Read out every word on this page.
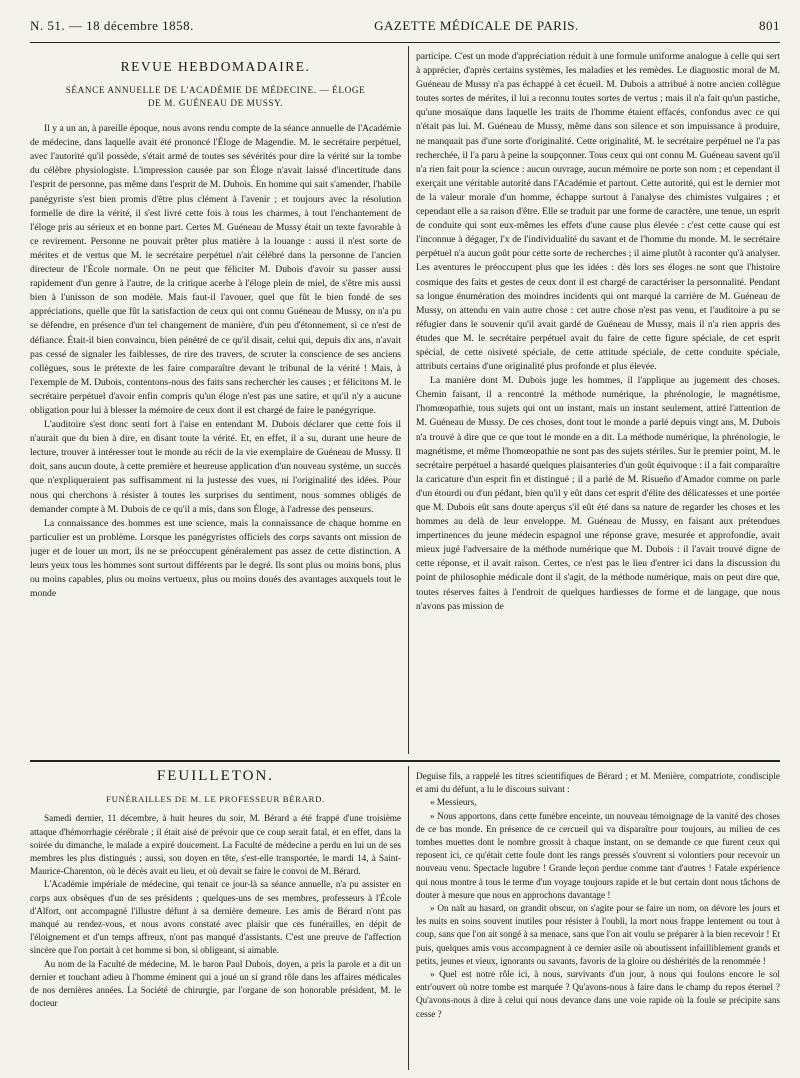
N. 51. — 18 décembre 1858.	GAZETTE MÉDICALE DE PARIS.	801
REVUE HEBDOMADAIRE.
SÉANCE ANNUELLE DE L'ACADÉMIE DE MÉDECINE. — ÉLOGE
DE M. GUÉNEAU DE MUSSY.

Il y a un an, à pareille époque, nous avons rendu compte de la séance annuelle de l'Académie de médecine, dans laquelle avait été prononcé l'Éloge de Magendie. M. le secrétaire perpétuel, avec l'autorité qu'il possède, s'était armé de toutes ses sévérités pour dire la vérité sur la tombe du célèbre physiologiste. L'impression causée par son Éloge n'avait laissé d'incertitude dans l'esprit de personne, pas même dans l'esprit de M. Dubois. En homme qui sait s'amender, l'habile panégyriste s'est bien promis d'être plus clément à l'avenir ; et toujours avec la résolution formelle de dire la vérité, il s'est livré cette fois à tous les charmes, à tout l'enchantement de l'éloge pris au sérieux et en bonne part. Certes M. Guéneau de Mussy était un texte favorable à ce revirement. Personne ne pouvait prêter plus matière à la louange : aussi il n'est sorte de mérites et de vertus que M. le secrétaire perpétuel n'ait célébré dans la personne de l'ancien directeur de l'École normale. On ne peut que féliciter M. Dubois d'avoir su passer aussi rapidement d'un genre à l'autre, de la critique acerbe à l'éloge plein de miel, de s'être mis aussi bien à l'unisson de son modèle. Mais faut-il l'avouer, quel que fût le bien fondé de ses appréciations, quelle que fût la satisfaction de ceux qui ont connu Guéneau de Mussy, on n'a pu se défendre, en présence d'un tel changement de manière, d'un peu d'étonnement, si ce n'est de défiance. Était-il bien convaincu, bien pénétré de ce qu'il disait, celui qui, depuis dix ans, n'avait pas cessé de signaler les faiblesses, de rire des travers, de scruter la conscience de ses anciens collègues, sous le prétexte de les faire comparaître devant le tribunal de la vérité ! Mais, à l'exemple de M. Dubois, contentons-nous des faits sans rechercher les causes ; et félicitons M. le secrétaire perpétuel d'avoir enfin compris qu'un éloge n'est pas une satire, et qu'il n'y a aucune obligation pour lui à blesser la mémoire de ceux dont il est chargé de faire le panégyrique.

L'auditoire s'est donc senti fort à l'aise en entendant M. Dubois déclarer que cette fois il n'aurait que du bien à dire, en disant toute la vérité. Et, en effet, il a su, durant une heure de lecture, trouver à intéresser tout le monde au récit de la vie exemplaire de Guéneau de Mussy. Il doit, sans aucun doute, à cette première et heureuse application d'un nouveau système, un succès que n'expliqueraient pas suffisamment ni la justesse des vues, ni l'originalité des idées. Pour nous qui cherchons à résister à toutes les surprises du sentiment, nous sommes obligés de demander compte à M. Dubois de ce qu'il a mis, dans son Éloge, à l'adresse des penseurs.

La connaissance des hommes est une science, mais la connaissance de chaque homme en particulier est un problème. Lorsque les panégyristes officiels des corps savants ont mission de juger et de louer un mort, ils ne se préoccupent généralement pas assez de cette distinction. A leurs yeux tous les hommes sont surtout différents par le degré. Ils sont plus ou moins bons, plus ou moins capables, plus ou moins vertueux, plus ou moins doués des avantages auxquels tout le monde

participe. C'est un mode d'appréciation réduit à une formule uniforme analogue à celle qui sert à apprécier, d'après certains systèmes, les maladies et les remèdes. Le diagnostic moral de M. Guéneau de Mussy n'a pas échappé à cet écueil. M. Dubois a attribué à notre ancien collègue toutes sortes de mérites, il lui a reconnu toutes sortes de vertus ; mais il n'a fait qu'un pastiche, qu'une mosaïque dans laquelle les traits de l'homme étaient effacés, confondus avec ce qui n'était pas lui. M. Guéneau de Mussy, même dans son silence et son impuissance à produire, ne manquait pas d'une sorte d'originalité. Cette originalité, M. le secrétaire perpétuel ne l'a pas recherchée, il l'a paru à peine la soupçonner. Tous ceux qui ont connu M. Guéneau savent qu'il n'a rien fait pour la science : aucun ouvrage, aucun mémoire ne porte son nom ; et cependant il exerçait une véritable autorité dans l'Académie et partout. Cette autorité, qui est le dernier mot de la valeur morale d'un homme, échappe surtout à l'analyse des chimistes vulgaires ; et cependant elle a sa raison d'être. Elle se traduit par une forme de caractère, une tenue, un esprit de conduite qui sont eux-mêmes les effets d'une cause plus élevée : c'est cette cause qui est l'inconnue à dégager, l'x de l'individualité du savant et de l'homme du monde. M. le secrétaire perpétuel n'a aucun goût pour cette sorte de recherches ; il aime plutôt à raconter qu'à analyser. Les aventures le préoccupent plus que les idées : dès lors ses éloges ne sont que l'histoire cosmique des faits et gestes de ceux dont il est chargé de caractériser la personnalité. Pendant sa longue énumération des moindres incidents qui ont marqué la carrière de M. Guéneau de Mussy, on attendu en vain autre chose : cet autre chose n'est pas venu, et l'auditoire a pu se réfugier dans le souvenir qu'il avait gardé de Guéneau de Mussy, mais il n'a rien appris des études que M. le secrétaire perpétuel avait du faire de cette figure spéciale, de cet esprit spécial, de cette oisiveté spéciale, de cette attitude spéciale, de cette conduite spéciale, attributs certains d'une originalité plus profonde et plus élevée.

La manière dont M. Dubois juge les hommes, il l'applique au jugement des choses. Chemin faisant, il a rencontré la méthode numérique, la phrénologie, le magnétisme, l'homœopathie, tous sujets qui ont un instant, mais un instant seulement, attiré l'attention de M. Guéneau de Mussy. De ces choses, dont tout le monde a parlé depuis vingt ans, M. Dubois n'a trouvé à dire que ce que tout le monde en a dit. La méthode numérique, la phrénologie, le magnétisme, et même l'homœopathie ne sont pas des sujets stériles. Sur le premier point, M. le secrétaire perpétuel a hasardé quelques plaisanteries d'un goût équivoque : il a fait comparaître la caricature d'un esprit fin et distingué ; il a parlé de M. Risueño d'Amador comme on parle d'un étourdi ou d'un pédant, bien qu'il y eût dans cet esprit d'élite des délicatesses et une portée que M. Dubois eût sans doute aperçus s'il eût été dans sa nature de regarder les choses et les hommes au delà de leur enveloppe. M. Guéneau de Mussy, en faisant aux prétendues impertinences du jeune médecin espagnol une réponse grave, mesurée et approfondie, avait mieux jugé l'adversaire de la méthode numérique que M. Dubois : il l'avait trouvé digne de cette réponse, et il avait raison. Certes, ce n'est pas le lieu d'entrer ici dans la discussion du point de philosophie médicale dont il s'agit, de la méthode numérique, mais on peut dire que, toutes réserves faites à l'endroit de quelques hardiesses de forme et de langage, que nous n'avons pas mission de

FEUILLETON.
FUNÉRAILLES DE M. LE PROFESSEUR BÉRARD.

Samedi dernier, 11 décembre, à huit heures du soir, M. Bérard a été frappé d'une troisième attaque d'hémorrhagie cérébrale ; il était aisé de prévoir que ce coup serait fatal, et en effet, dans la soirée du dimanche, le malade a expiré doucement. La Faculté de médecine a perdu en lui un de ses membres les plus distingués ; aussi, son doyen en tête, s'est-elle transportée, le mardi 14, à Saint-Maurice-Charenton, où le décès avait eu lieu, et où devait se faire le convoi de M. Bérard.

L'Académie impériale de médecine, qui tenait ce jour-là sa séance annuelle, n'a pu assister en corps aux obsèques d'un de ses présidents ; quelques-uns de ses membres, professeurs à l'École d'Alfort, ont accompagné l'illustre défunt à sa dernière demeure. Les amis de Bérard n'ont pas manqué au rendez-vous, et nous avons constaté avec plaisir que ces funérailles, en dépit de l'éloignement et d'un temps affreux, n'ont pas manqué d'assistants. C'est une preuve de l'affection sincère que l'on portait à cet homme si bon, si obligeant, si aimable.

Au nom de la Faculté de médecine, M. le baron Paul Dubois, doyen, a pris la parole et a dit un dernier et touchant adieu à l'homme éminent qui a joué un si grand rôle dans les affaires médicales de nos dernières années. La Société de chirurgie, par l'organe de son honorable président, M. le docteur

Deguise fils, a rappelé les titres scientifiques de Bérard ; et M. Menière, compatriote, condisciple et ami du défunt, a lu le discours suivant :

« Messieurs,

» Nous apportons, dans cette funèbre enceinte, un nouveau témoignage de la vanité des choses de ce bas monde. En présence de ce cercueil qui va disparaître pour toujours, au milieu de ces tombes muettes dont le nombre grossit à chaque instant, on se demande ce que furent ceux qui reposent ici, ce qu'était cette foule dont les rangs pressés s'ouvrent si volontiers pour recevoir un nouveau venu. Spectacle lugubre ! Grande leçon perdue comme tant d'autres ! Fatale expérience qui nous montre à tous le terme d'un voyage toujours rapide et le but certain dont nous tâchons de douter à mesure que nous en approchons davantage !

» On naît au hasard, on grandit obscur, on s'agite pour se faire un nom, on dévore les jours et les nuits en soins souvent inutiles pour résister à l'oubli, la mort nous frappe lentement ou tout à coup, sans que l'on ait songé à sa menace, sans que l'on ait voulu se préparer à la bien recevoir ! Et puis, quelques amis vous accompagnent à ce dernier asile où aboutissent infailliblement grands et petits, jeunes et vieux, ignorants ou savants, favoris de la gloire ou déshérités de la renommée !

» Quel est notre rôle ici, à nous, survivants d'un jour, à nous qui foulons encore le sol entr'ouvert où notre tombe est marquée ? Qu'avons-nous à faire dans le champ du repos éternel ? Qu'avons-nous à dire à celui qui nous devance dans une voie rapide où la foule se précipite sans cesse ?
